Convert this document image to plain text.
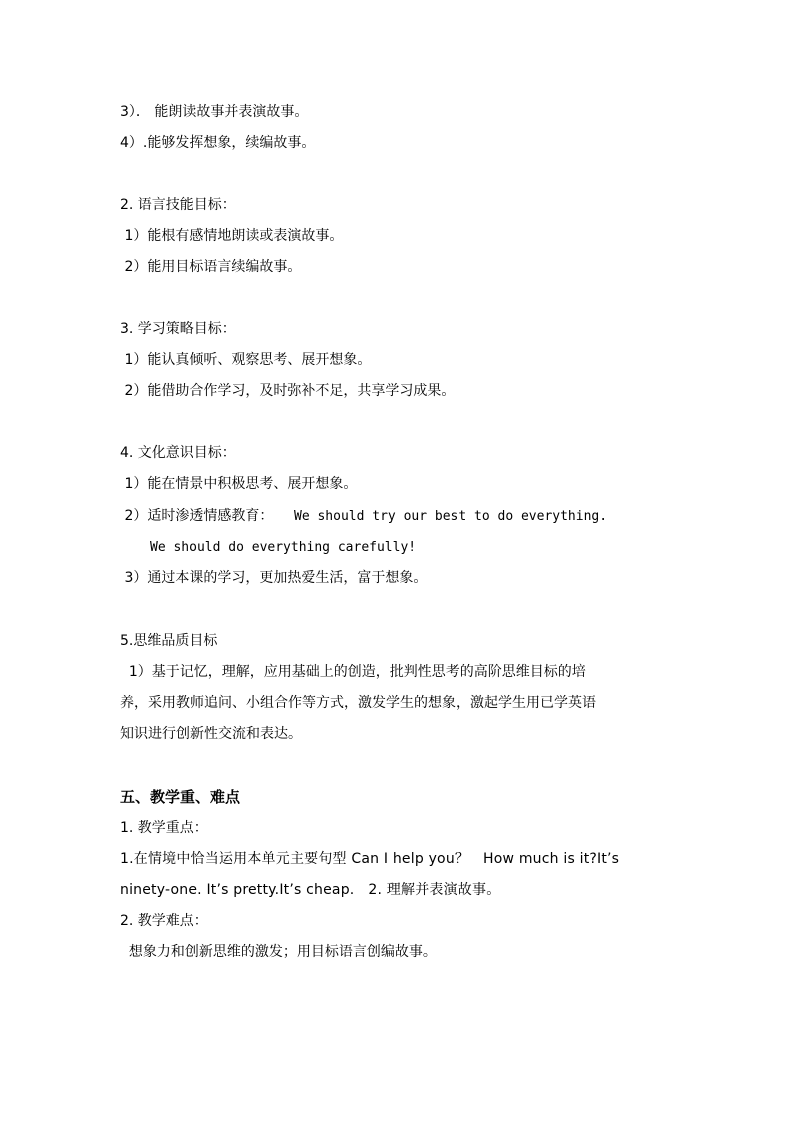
3）． 能朗读故事并表演故事。
4）.能够发挥想象，续编故事。
2. 语言技能目标：
1）能根有感情地朗读或表演故事。
2）能用目标语言续编故事。
3. 学习策略目标：
1）能认真倾听、观察思考、展开想象。
2）能借助合作学习，及时弥补不足，共享学习成果。
4. 文化意识目标：
1）能在情景中积极思考、展开想象。
2）适时渗透情感教育： We should try our best to do everything.
We should do everything carefully!
3）通过本课的学习，更加热爱生活，富于想象。
5.思维品质目标
1）基于记忆，理解，应用基础上的创造，批判性思考的高阶思维目标的培
养，采用教师追问、小组合作等方式，激发学生的想象，激起学生用已学英语
知识进行创新性交流和表达。
五、教学重、难点
1. 教学重点：
1.在情境中恰当运用本单元主要句型 Can I help you？   How much is it?It’s
ninety-one. It’s pretty.It’s cheap.   2. 理解并表演故事。
2. 教学难点：
想象力和创新思维的激发；用目标语言创编故事。
